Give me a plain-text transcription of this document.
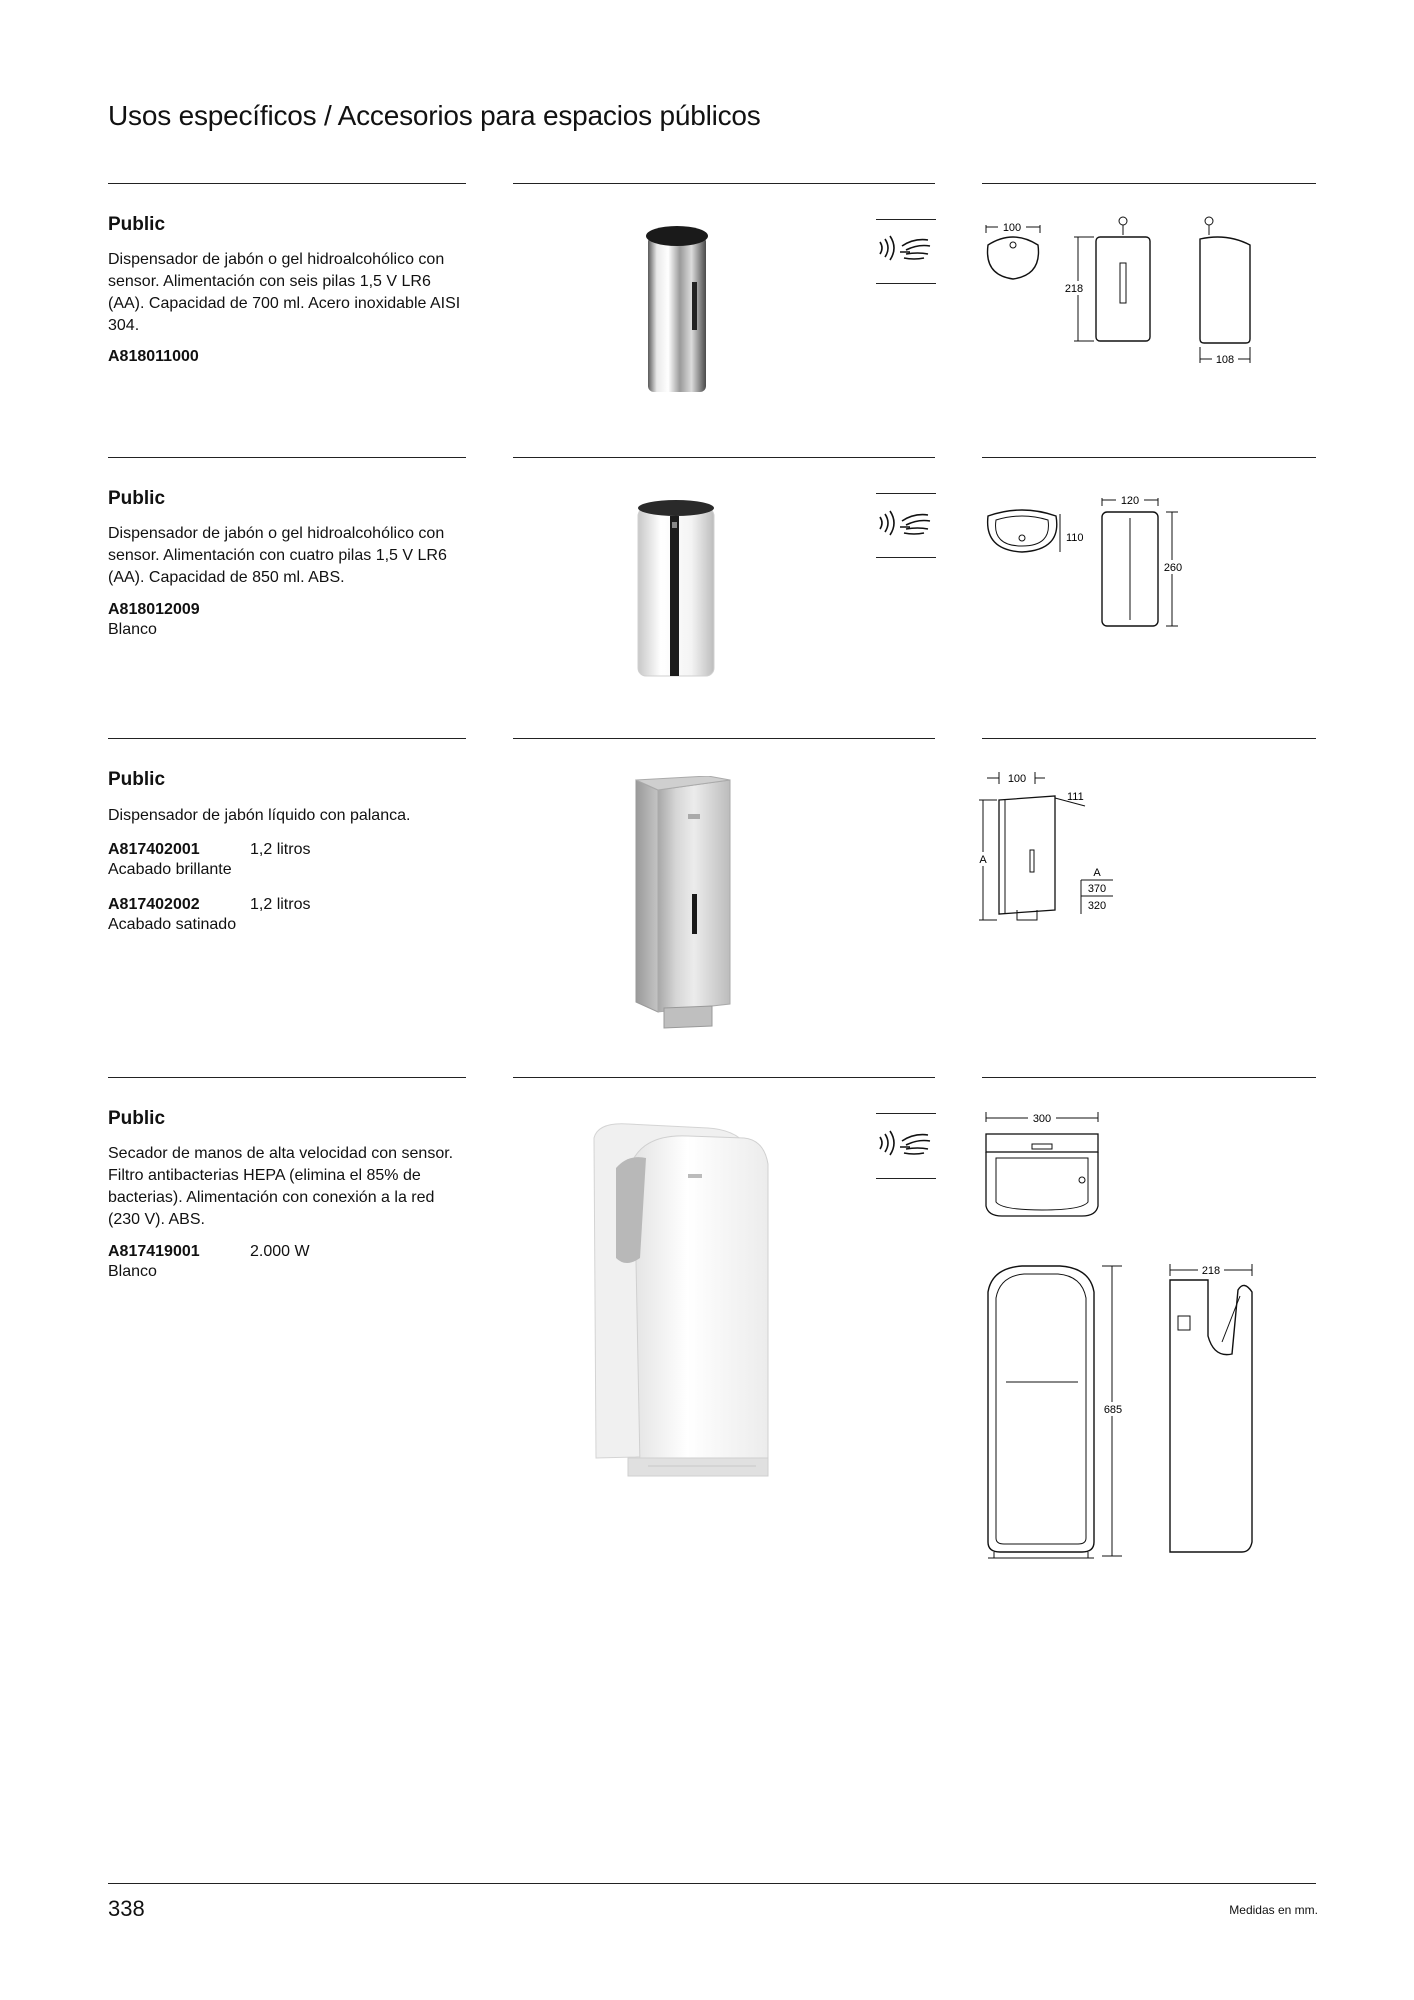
Usos específicos / Accesorios para espacios públicos
Public
Dispensador de jabón o gel hidroalcohólico con sensor. Alimentación con seis pilas 1,5 V LR6 (AA). Capacidad de 700 ml. Acero inoxidable AISI 304.
A818011000
100
218
108
Public
Dispensador de jabón o gel hidroalcohólico con sensor. Alimentación con cuatro pilas 1,5 V LR6 (AA). Capacidad de 850 ml. ABS.
A818012009
Blanco
110
120
260
Public
Dispensador de jabón líquido con palanca.
A817402001	1,2 litros
Acabado brillante
A817402002	1,2 litros
Acabado satinado
100
111
A
A
370
320
Public
Secador de manos de alta velocidad con sensor. Filtro antibacterias HEPA (elimina el 85% de bacterias). Alimentación con conexión a la red (230 V). ABS.
A817419001	2.000 W
Blanco
300
685
218
338	Medidas en mm.
